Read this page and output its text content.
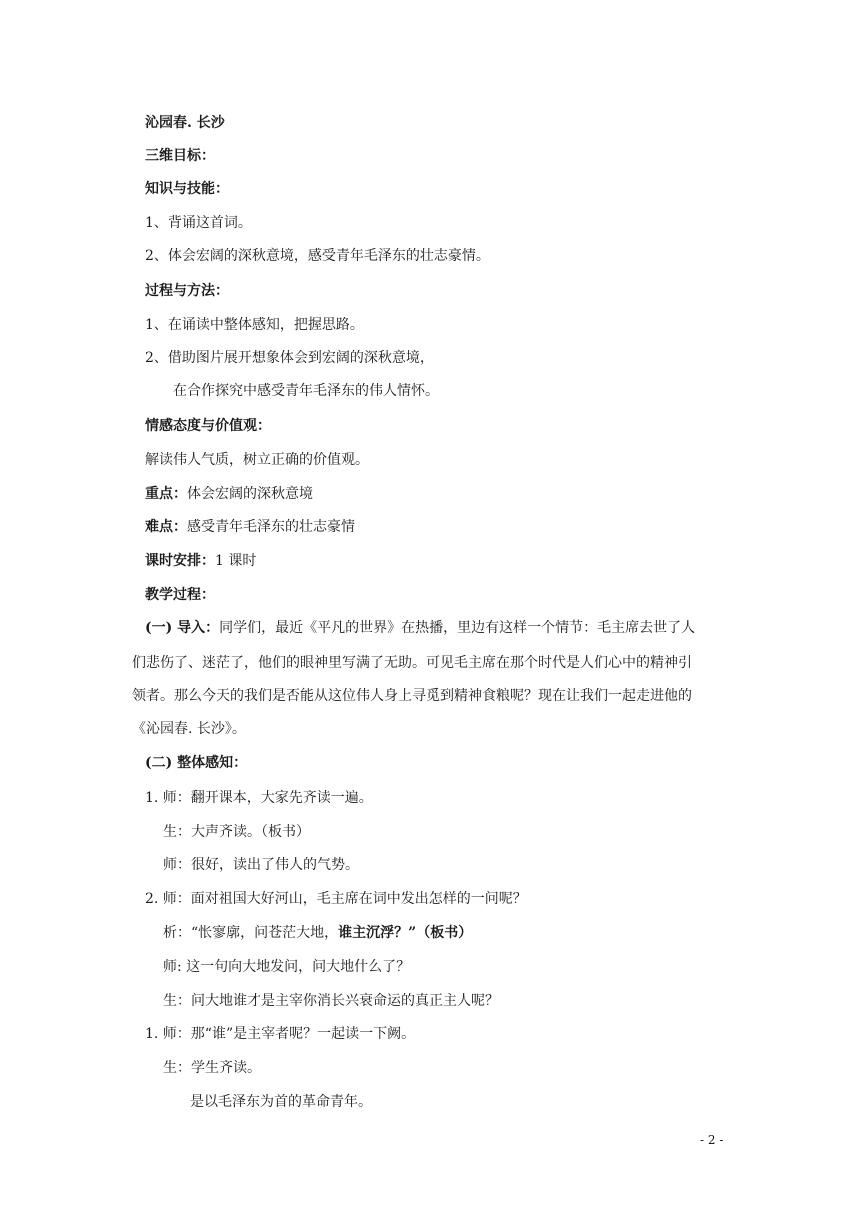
沁园春. 长沙
三维目标：
知识与技能：
1、背诵这首词。
2、体会宏阔的深秋意境，感受青年毛泽东的壮志豪情。
过程与方法：
1、在诵读中整体感知，把握思路。
2、借助图片展开想象体会到宏阔的深秋意境，
在合作探究中感受青年毛泽东的伟人情怀。
情感态度与价值观：
解读伟人气质，树立正确的价值观。
重点：体会宏阔的深秋意境
难点：感受青年毛泽东的壮志豪情
课时安排：1 课时
教学过程：
(一) 导入：同学们，最近《平凡的世界》在热播，里边有这样一个情节：毛主席去世了人
们悲伤了、迷茫了，他们的眼神里写满了无助。可见毛主席在那个时代是人们心中的精神引
领者。那么今天的我们是否能从这位伟人身上寻觅到精神食粮呢？现在让我们一起走进他的
《沁园春. 长沙》。
(二) 整体感知：
1. 师：翻开课本，大家先齐读一遍。
生：大声齐读。（板书）
师：很好，读出了伟人的气势。
2. 师：面对祖国大好河山，毛主席在词中发出怎样的一问呢？
析：“怅寥廓，问苍茫大地，谁主沉浮？”（板书）
师: 这一句向大地发问，问大地什么了？
生：问大地谁才是主宰你消长兴衰命运的真正主人呢？
1. 师：那“谁”是主宰者呢？一起读一下阙。
生：学生齐读。
是以毛泽东为首的革命青年。
- 2 -
